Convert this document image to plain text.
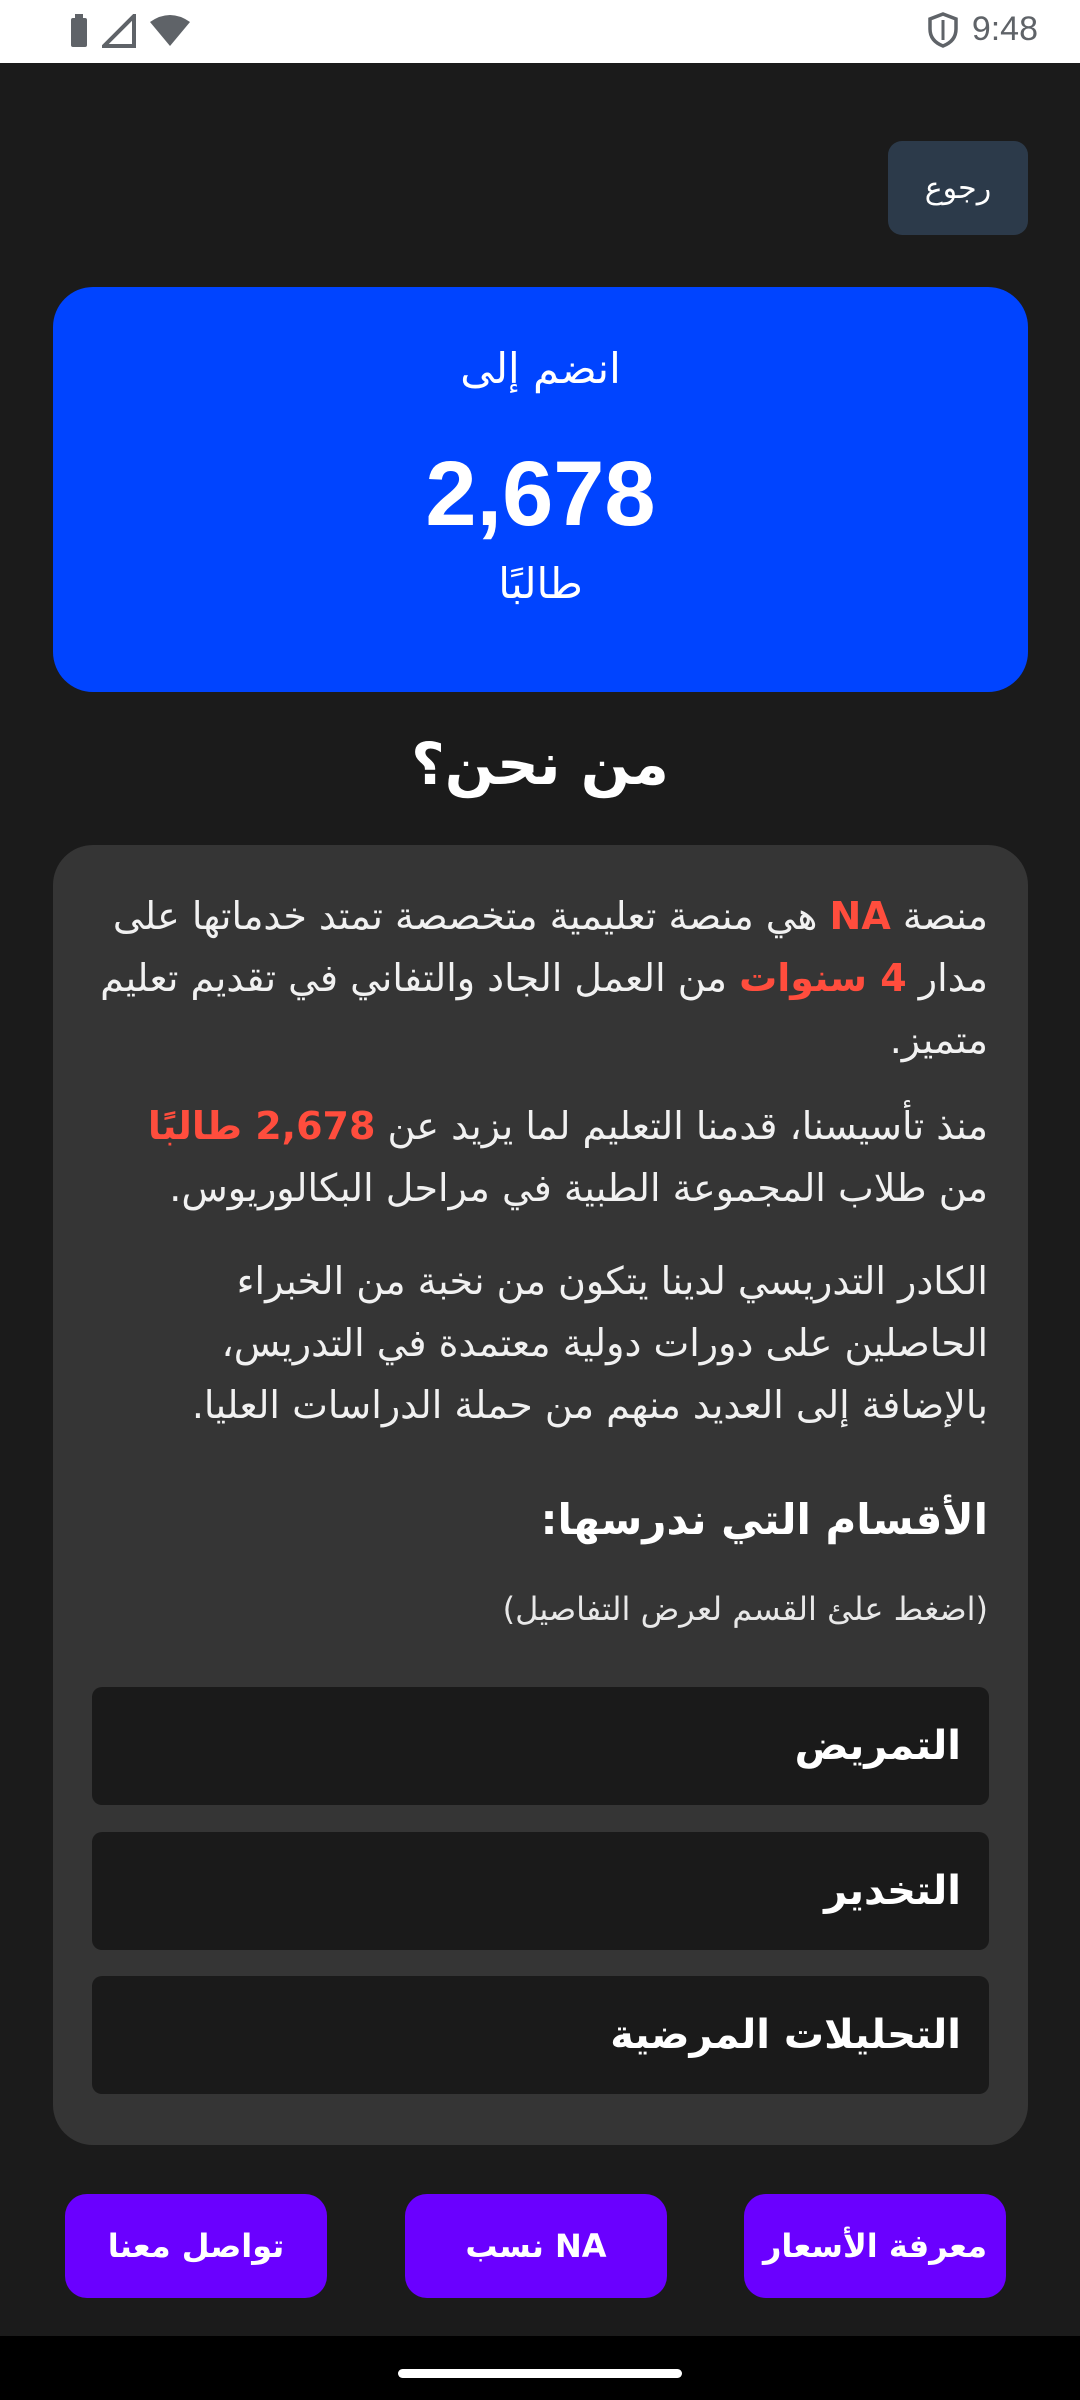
9:48
رجوع
انضم إلى
2,678
طالبًا
من نحن؟

منصة NA هي منصة تعليمية متخصصة تمتد خدماتها على مدار 4 سنوات من العمل الجاد والتفاني في تقديم تعليم متميز.

منذ تأسيسنا، قدمنا التعليم لما يزيد عن 2,678 طالبًا من طلاب المجموعة الطبية في مراحل البكالوريوس.

الكادر التدريسي لدينا يتكون من نخبة من الخبراء الحاصلين على دورات دولية معتمدة في التدريس، بالإضافة إلى العديد منهم من حملة الدراسات العليا.

الأقسام التي ندرسها:
(اضغط علئ القسم لعرض التفاصيل)
التمريض
التخدير
التحليلات المرضية
تواصل معنا	نسب NA	معرفة الأسعار
